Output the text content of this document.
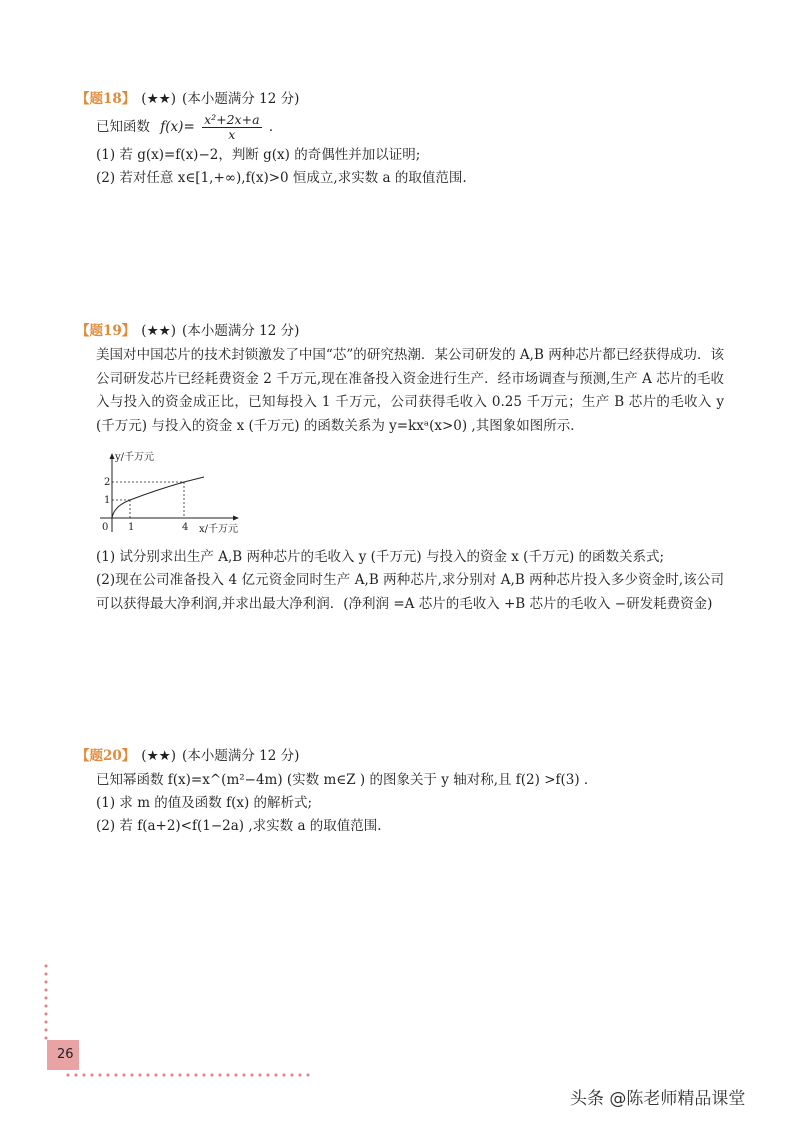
【题18】 (★★) (本小题满分 12 分)
已知函数 $f(x)= \frac{\text{x²+2x+a}}{x}$ ．
(1) 若 g(x)=f(x)−2，判断 g(x) 的奇偶性并加以证明;
(2) 若对任意 x∈[1,+∞),f(x)>0 恒成立,求实数 a 的取值范围.
【题19】 (★★) (本小题满分 12 分)
美国对中国芯片的技术封锁激发了中国“芯”的研究热潮．某公司研发的 A,B 两种芯片都已经获得成功．该公司研发芯片已经耗费资金 2 千万元,现在准备投入资金进行生产．经市场调查与预测,生产 A 芯片的毛收入与投入的资金成正比，已知每投入 1 千万元，公司获得毛收入 0.25 千万元；生产 B 芯片的毛收入 y (千万元) 与投入的资金 x (千万元) 的函数关系为 y=kxᵃ(x>0) ,其图象如图所示．
y/千万元
x/千万元
0
1
2
1	4
(1) 试分别求出生产 A,B 两种芯片的毛收入 y (千万元) 与投入的资金 x (千万元) 的函数关系式;
(2)现在公司准备投入 4 亿元资金同时生产 A,B 两种芯片,求分别对 A,B 两种芯片投入多少资金时,该公司可以获得最大净利润,并求出最大净利润．(净利润 =A 芯片的毛收入 +B 芯片的毛收入 −研发耗费资金)
【题20】 (★★) (本小题满分 12 分)
已知幂函数 f(x)=x^(m²−4m) (实数 m∈Z ) 的图象关于 y 轴对称,且 f(2) >f(3) ．
(1) 求 m 的值及函数 f(x) 的解析式;
(2) 若 f(a+2)<f(1−2a) ,求实数 a 的取值范围.
26
头条 @陈老师精品课堂
